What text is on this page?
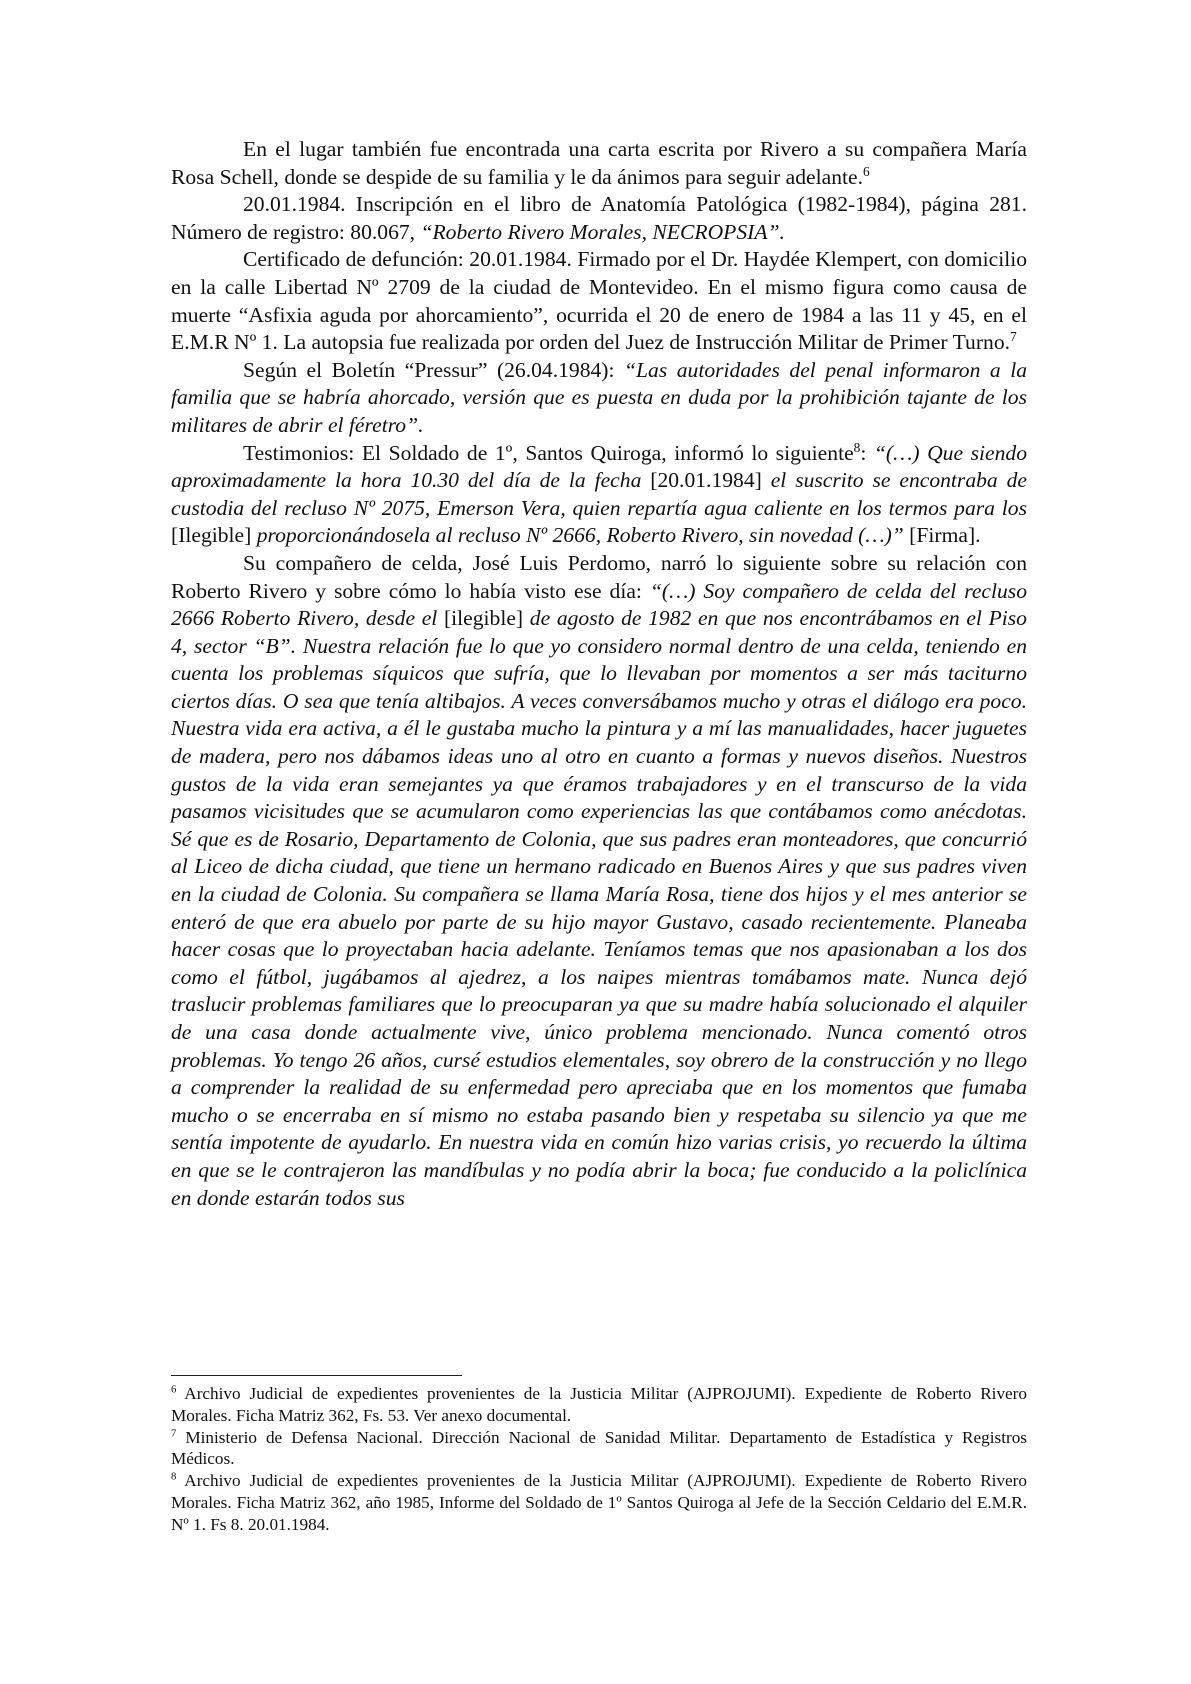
En el lugar también fue encontrada una carta escrita por Rivero a su compañera María Rosa Schell, donde se despide de su familia y le da ánimos para seguir adelante.$^6$

20.01.1984. Inscripción en el libro de Anatomía Patológica (1982-1984), página 281. Número de registro: 80.067, “Roberto Rivero Morales, NECROPSIA”.

Certificado de defunción: 20.01.1984. Firmado por el Dr. Haydée Klempert, con domicilio en la calle Libertad Nº 2709 de la ciudad de Montevideo. En el mismo figura como causa de muerte “Asfixia aguda por ahorcamiento”, ocurrida el 20 de enero de 1984 a las 11 y 45, en el E.M.R Nº 1. La autopsia fue realizada por orden del Juez de Instrucción Militar de Primer Turno.$^7$

Según el Boletín “Pressur” (26.04.1984): “Las autoridades del penal informaron a la familia que se habría ahorcado, versión que es puesta en duda por la prohibición tajante de los militares de abrir el féretro”.

Testimonios: El Soldado de 1º, Santos Quiroga, informó lo siguiente$^8$: “(…) Que siendo aproximadamente la hora 10.30 del día de la fecha [20.01.1984] el suscrito se encontraba de custodia del recluso Nº 2075, Emerson Vera, quien repartía agua caliente en los termos para los [Ilegible] proporcionándosela al recluso Nº 2666, Roberto Rivero, sin novedad (…)” [Firma].

Su compañero de celda, José Luis Perdomo, narró lo siguiente sobre su relación con Roberto Rivero y sobre cómo lo había visto ese día: “(…) Soy compañero de celda del recluso 2666 Roberto Rivero, desde el [ilegible] de agosto de 1982 en que nos encontrábamos en el Piso 4, sector “B”. Nuestra relación fue lo que yo considero normal dentro de una celda, teniendo en cuenta los problemas síquicos que sufría, que lo llevaban por momentos a ser más taciturno ciertos días. O sea que tenía altibajos. A veces conversábamos mucho y otras el diálogo era poco. Nuestra vida era activa, a él le gustaba mucho la pintura y a mí las manualidades, hacer juguetes de madera, pero nos dábamos ideas uno al otro en cuanto a formas y nuevos diseños. Nuestros gustos de la vida eran semejantes ya que éramos trabajadores y en el transcurso de la vida pasamos vicisitudes que se acumularon como experiencias las que contábamos como anécdotas. Sé que es de Rosario, Departamento de Colonia, que sus padres eran monteadores, que concurrió al Liceo de dicha ciudad, que tiene un hermano radicado en Buenos Aires y que sus padres viven en la ciudad de Colonia. Su compañera se llama María Rosa, tiene dos hijos y el mes anterior se enteró de que era abuelo por parte de su hijo mayor Gustavo, casado recientemente. Planeaba hacer cosas que lo proyectaban hacia adelante. Teníamos temas que nos apasionaban a los dos como el fútbol, jugábamos al ajedrez, a los naipes mientras tomábamos mate. Nunca dejó traslucir problemas familiares que lo preocuparan ya que su madre había solucionado el alquiler de una casa donde actualmente vive, único problema mencionado. Nunca comentó otros problemas. Yo tengo 26 años, cursé estudios elementales, soy obrero de la construcción y no llego a comprender la realidad de su enfermedad pero apreciaba que en los momentos que fumaba mucho o se encerraba en sí mismo no estaba pasando bien y respetaba su silencio ya que me sentía impotente de ayudarlo. En nuestra vida en común hizo varias crisis, yo recuerdo la última en que se le contrajeron las mandíbulas y no podía abrir la boca; fue conducido a la policlínica en donde estarán todos sus

$^6$ Archivo Judicial de expedientes provenientes de la Justicia Militar (AJPROJUMI). Expediente de Roberto Rivero Morales. Ficha Matriz 362, Fs. 53. Ver anexo documental.

$^7$ Ministerio de Defensa Nacional. Dirección Nacional de Sanidad Militar. Departamento de Estadística y Registros Médicos.

$^8$ Archivo Judicial de expedientes provenientes de la Justicia Militar (AJPROJUMI). Expediente de Roberto Rivero Morales. Ficha Matriz 362, año 1985, Informe del Soldado de 1º Santos Quiroga al Jefe de la Sección Celdario del E.M.R. Nº 1. Fs 8. 20.01.1984.
